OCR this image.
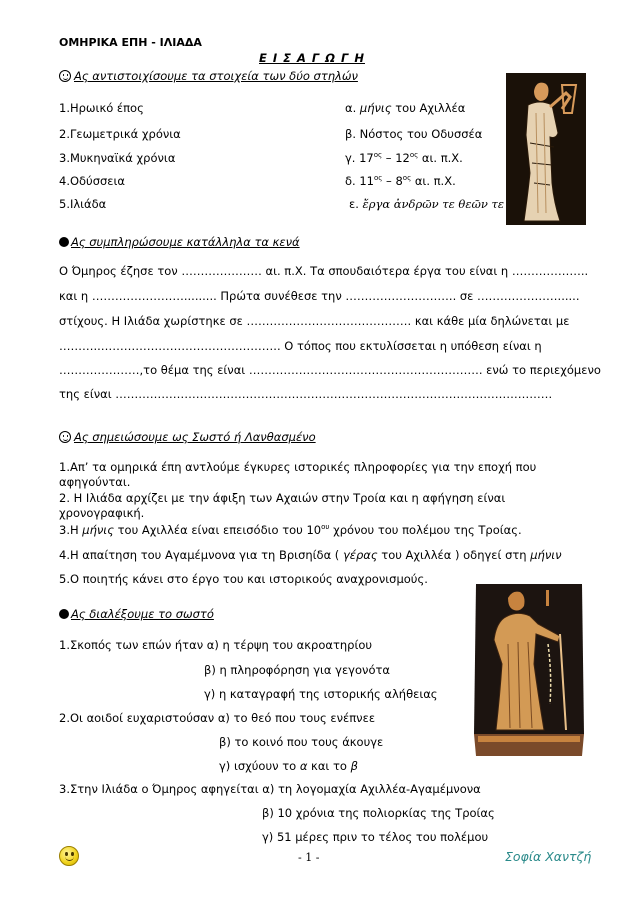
ΟΜΗΡΙΚΑ ΕΠΗ - ΙΛΙΑΔΑ
Ε Ι Σ Α Γ Ω Γ Η
Ας αντιστοιχίσουμε τα στοιχεία των δύο στηλών
1.Ηρωικό έπος
2.Γεωμετρικά χρόνια
3.Μυκηναϊκά χρόνια
4.Οδύσσεια
5.Ιλιάδα
α. μήνις του Αχιλλέα
β. Νόστος του Οδυσσέα
γ. $17^{o\varsigma} - 12^{o\varsigma}$ αι. π.Χ.
δ. $11^{o\varsigma} - 8^{o\varsigma}$ αι. π.Χ.
ε. ἔργα ἀνδρῶν τε θεῶν τε
Ας συμπληρώσουμε κατάλληλα τα κενά
Ο Όμηρος έζησε τον ………………… αι. π.Χ. Τα σπουδαιότερα έργα του είναι η ………………..
και η ……………………......... Πρώτα συνέθεσε την ……………………….. σε …………………......
στίχους. Η Ιλιάδα χωρίστηκε σε ……………………………………. και κάθε μία δηλώνεται με
………..……………………………………….. Ο τόπος που εκτυλίσσεται η υπόθεση είναι η
…………………,το θέμα της είναι ……………………………………………………. ενώ το περιεχόμενο
της είναι ……………………………………………………………………………………………………
Ας σημειώσουμε ως Σωστό ή Λανθασμένο
1.Απ’ τα ομηρικά έπη αντλούμε έγκυρες ιστορικές πληροφορίες για την εποχή που
αφηγούνται.
2. Η Ιλιάδα αρχίζει με την άφιξη των Αχαιών στην Τροία και η αφήγηση είναι
χρονογραφική.
3.Η μήνις του Αχιλλέα είναι επεισόδιο του $10^{o\upsilon}$ χρόνου του πολέμου της Τροίας.
4.Η απαίτηση του Αγαμέμνονα για τη Βρισηίδα ( γέρας του Αχιλλέα ) οδηγεί στη μήνιν
5.Ο ποιητής κάνει στο έργο του και ιστορικούς αναχρονισμούς.
Ας διαλέξουμε το σωστό
1.Σκοπός των επών ήταν α) η τέρψη του ακροατηρίου
β) η πληροφόρηση για γεγονότα
γ) η καταγραφή της ιστορικής αλήθειας
2.Οι αοιδοί ευχαριστούσαν α) το θεό που τους ενέπνεε
β) το κοινό που τους άκουγε
γ) ισχύουν το α και το β
3.Στην Ιλιάδα ο Όμηρος αφηγείται α) τη λογομαχία Αχιλλέα-Αγαμέμνονα
β) 10 χρόνια της πολιορκίας της Τροίας
γ) 51 μέρες πριν το τέλος του πολέμου
- 1 -	Σοφία Χαντζή
